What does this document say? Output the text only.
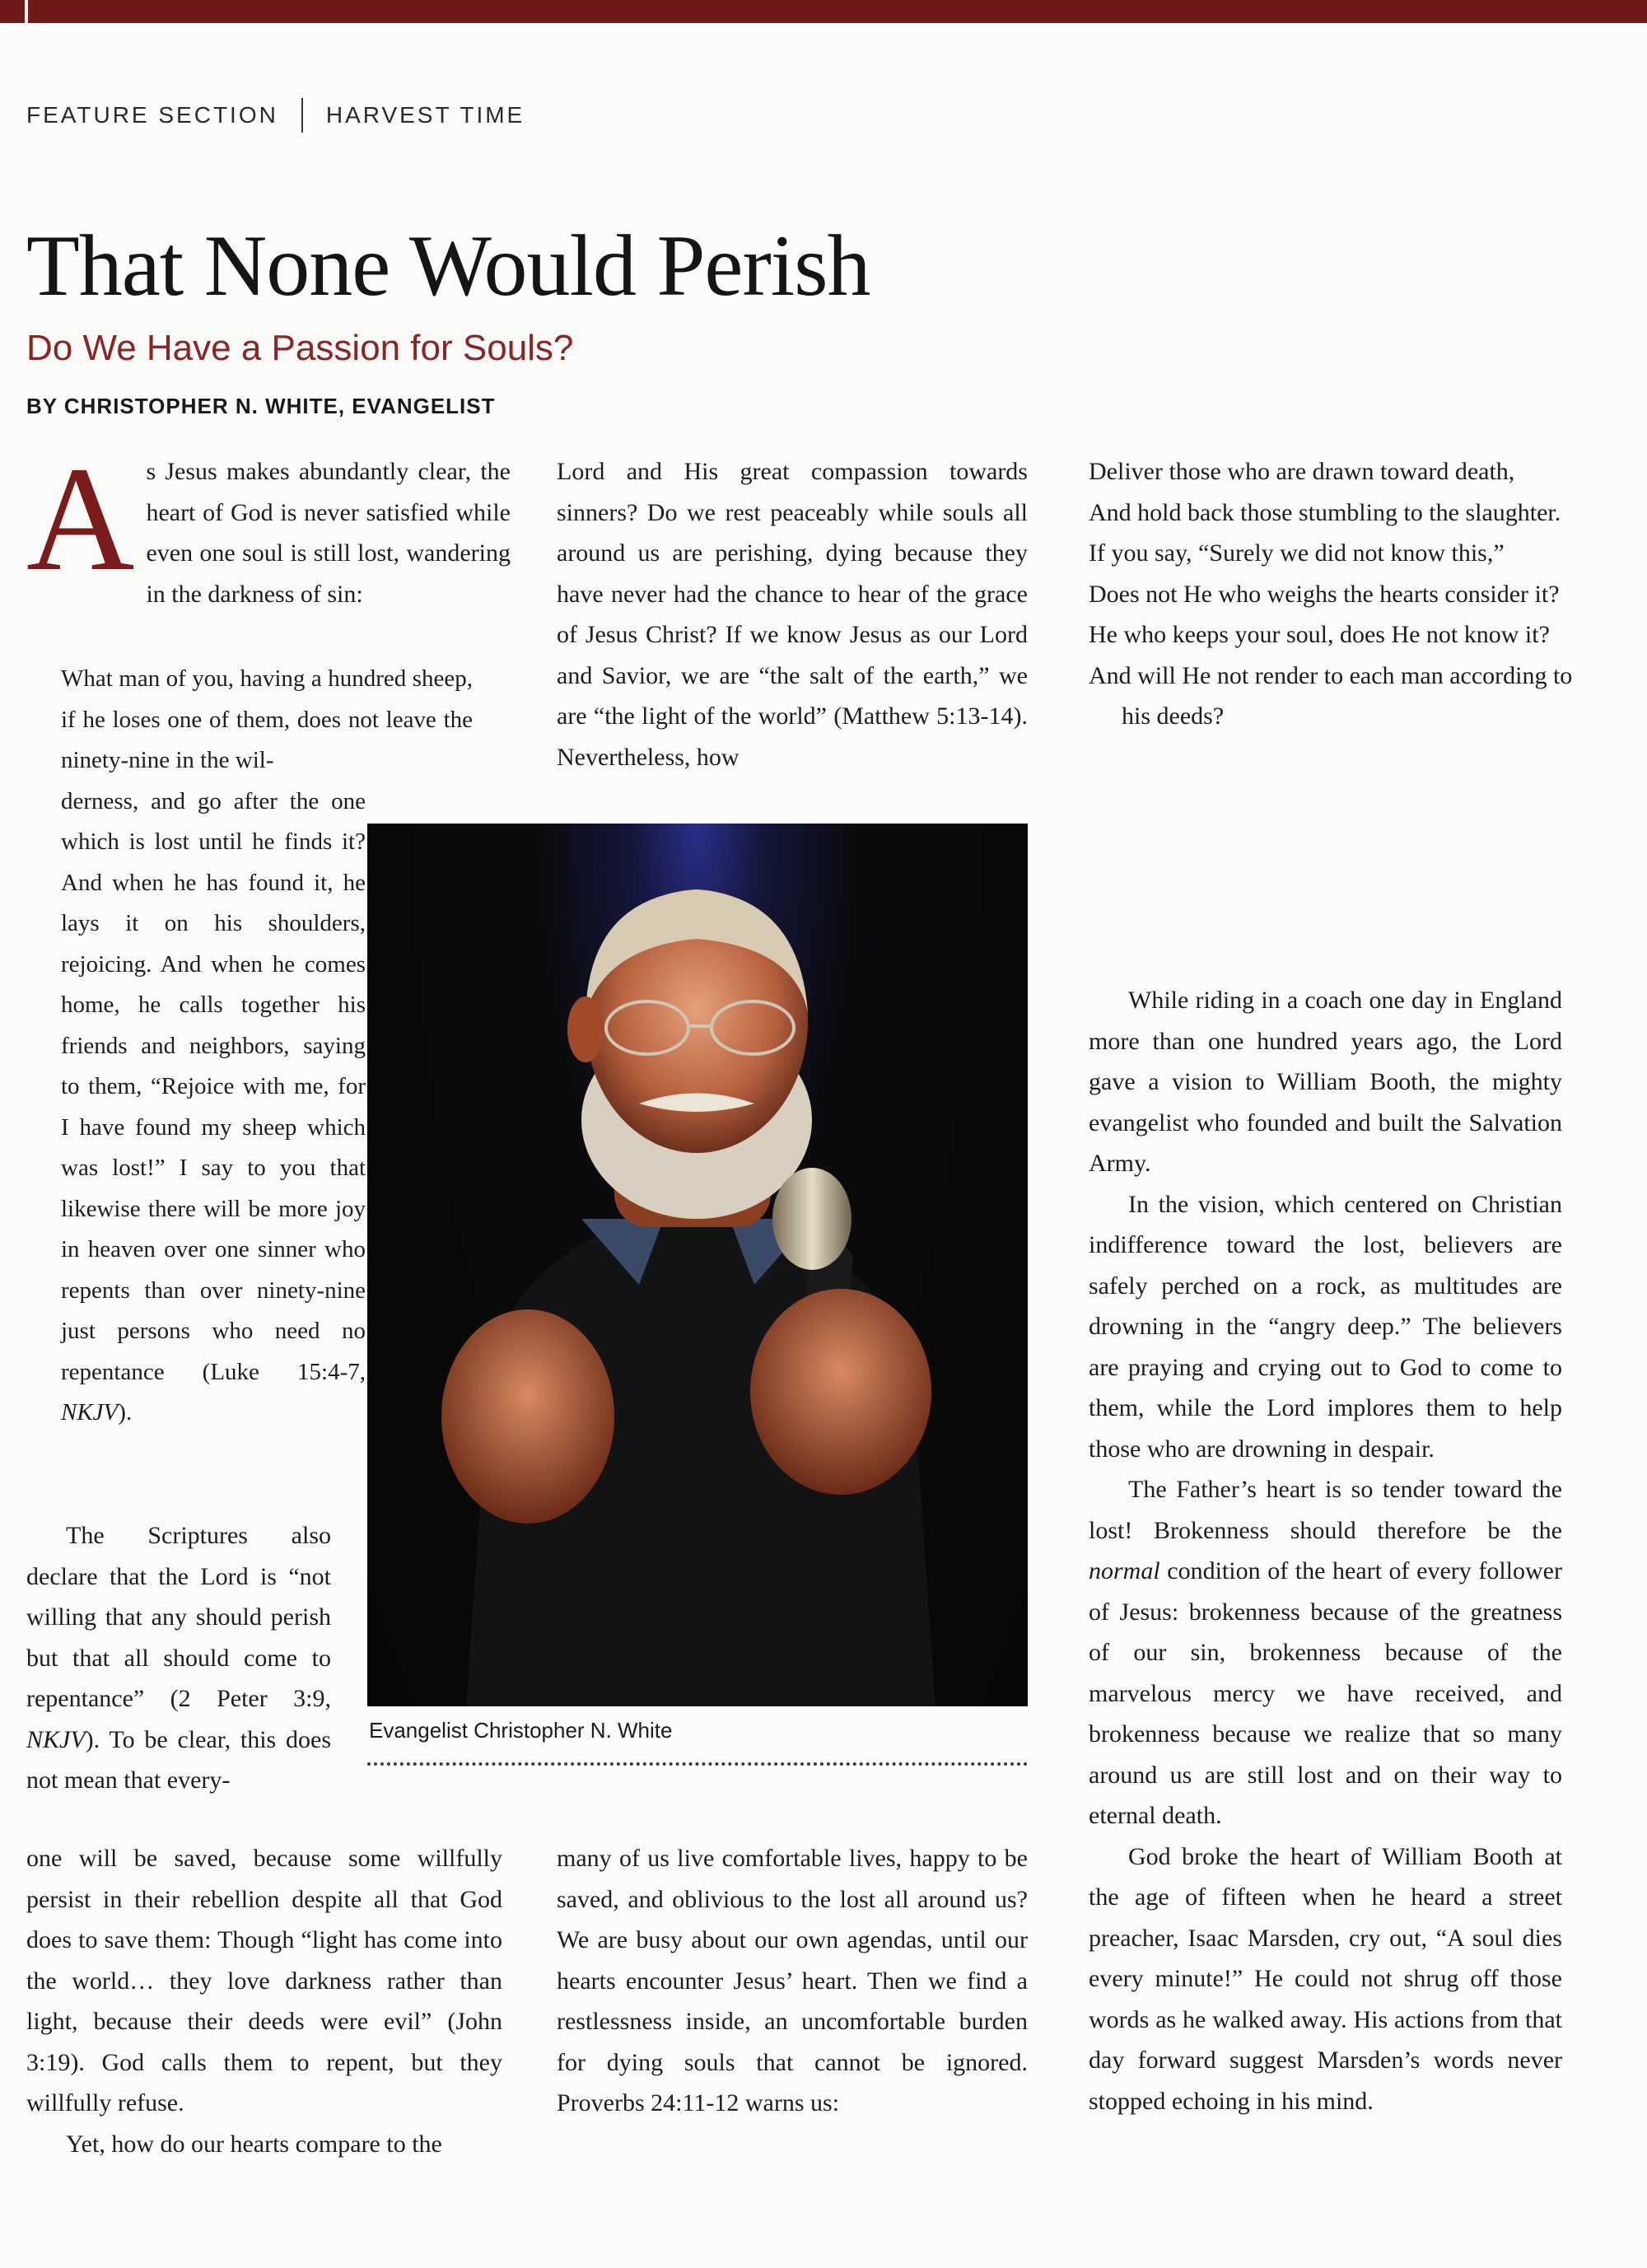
FEATURE SECTION HARVEST TIME
That None Would Perish
Do We Have a Passion for Souls?
BY CHRISTOPHER N. WHITE, EVANGELIST
A s Jesus makes abundantly clear, the heart of God is never satisfied while even one soul is still lost, wandering in the darkness of sin:

What man of you, having a hundred sheep, if he loses one of them, does not leave the ninety-nine in the wil-

derness, and go after the one which is lost until he finds it? And when he has found it, he lays it on his shoulders, rejoicing. And when he comes home, he calls together his friends and neighbors, saying to them, “Rejoice with me, for I have found my sheep which was lost!” I say to you that likewise there will be more joy in heaven over one sinner who repents than over ninety-nine just persons who need no repentance (Luke 15:4-7, NKJV).

The Scriptures also declare that the Lord is “not willing that any should perish but that all should come to repentance” (2 Peter 3:9, NKJV). To be clear, this does not mean that every-

one will be saved, because some willfully persist in their rebellion despite all that God does to save them: Though “light has come into the world… they love darkness rather than light, because their deeds were evil” (John 3:19). God calls them to repent, but they willfully refuse.

Yet, how do our hearts compare to the

Lord and His great compassion towards sinners? Do we rest peaceably while souls all around us are perishing, dying because they have never had the chance to hear of the grace of Jesus Christ? If we know Jesus as our Lord and Savior, we are “the salt of the earth,” we are “the light of the world” (Matthew 5:13-14). Nevertheless, how

Evangelist Christopher N. White

many of us live comfortable lives, happy to be saved, and oblivious to the lost all around us? We are busy about our own agendas, until our hearts encounter Jesus’ heart. Then we find a restlessness inside, an uncomfortable burden for dying souls that cannot be ignored. Proverbs 24:11-12 warns us:

Deliver those who are drawn toward death,

And hold back those stumbling to the slaughter.

If you say, “Surely we did not know this,”

Does not He who weighs the hearts consider it?

He who keeps your soul, does He not know it?

And will He not render to each man according to his deeds?

While riding in a coach one day in England more than one hundred years ago, the Lord gave a vision to William Booth, the mighty evangelist who founded and built the Salvation Army.

In the vision, which centered on Christian indifference toward the lost, believers are safely perched on a rock, as multitudes are drowning in the “angry deep.” The believers are praying and crying out to God to come to them, while the Lord implores them to help those who are drowning in despair.

The Father’s heart is so tender toward the lost! Brokenness should therefore be the normal condition of the heart of every follower of Jesus: brokenness because of the greatness of our sin, brokenness because of the marvelous mercy we have received, and brokenness because we realize that so many around us are still lost and on their way to eternal death.

God broke the heart of William Booth at the age of fifteen when he heard a street preacher, Isaac Marsden, cry out, “A soul dies every minute!” He could not shrug off those words as he walked away. His actions from that day forward suggest Marsden’s words never stopped echoing in his mind.
